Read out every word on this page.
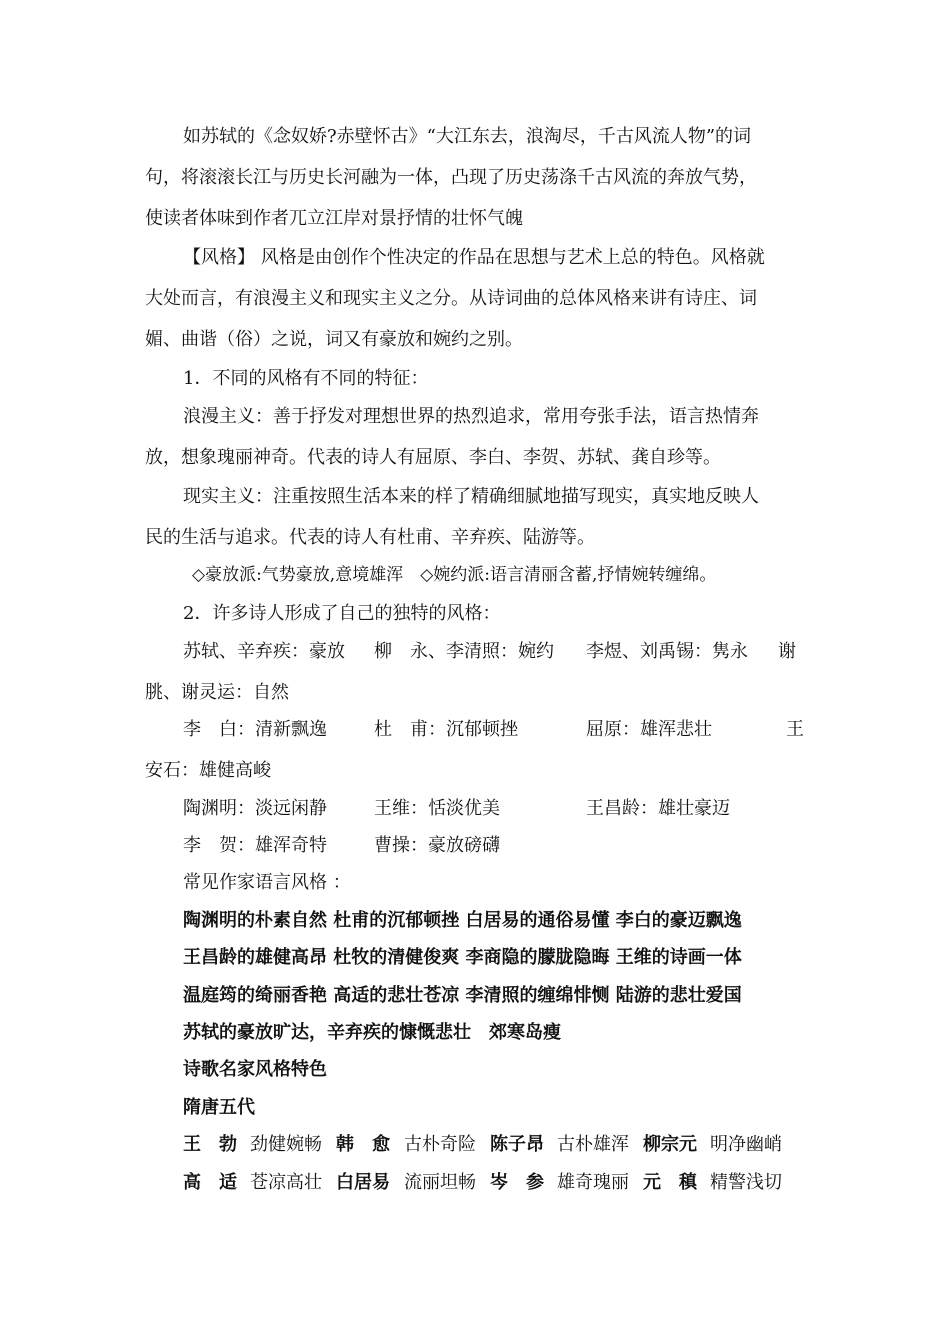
如苏轼的《念奴娇?赤壁怀古》“大江东去，浪淘尽，千古风流人物”的词
句，将滚滚长江与历史长河融为一体，凸现了历史荡涤千古风流的奔放气势，
使读者体味到作者兀立江岸对景抒情的壮怀气魄
【风格】 风格是由创作个性决定的作品在思想与艺术上总的特色。风格就
大处而言，有浪漫主义和现实主义之分。从诗词曲的总体风格来讲有诗庄、词
媚、曲谐（俗）之说，词又有豪放和婉约之别。
1．不同的风格有不同的特征：
浪漫主义：善于抒发对理想世界的热烈追求，常用夸张手法，语言热情奔
放，想象瑰丽神奇。代表的诗人有屈原、李白、李贺、苏轼、龚自珍等。
现实主义：注重按照生活本来的样了精确细腻地描写现实，真实地反映人
民的生活与追求。代表的诗人有杜甫、辛弃疾、陆游等。
◇豪放派:气势豪放,意境雄浑　◇婉约派:语言清丽含蓄,抒情婉转缠绵。
2．许多诗人形成了自己的独特的风格：
苏轼、辛弃疾：豪放 柳　永、李清照：婉约 李煜、刘禹锡：隽永 谢
朓、谢灵运：自然
李　白：清新飘逸	杜　甫：沉郁顿挫	屈原：雄浑悲壮	王
安石：雄健高峻
陶渊明：淡远闲静	王维：恬淡优美	王昌龄：雄壮豪迈
李　贺：雄浑奇特	曹操：豪放磅礴
常见作家语言风格 ：
陶渊明的朴素自然 杜甫的沉郁顿挫 白居易的通俗易懂 李白的豪迈飘逸
王昌龄的雄健高昂 杜牧的清健俊爽 李商隐的朦胧隐晦 王维的诗画一体
温庭筠的绮丽香艳 高适的悲壮苍凉 李清照的缠绵悱恻 陆游的悲壮爱国
苏轼的豪放旷达，辛弃疾的慷慨悲壮　郊寒岛瘦
诗歌名家风格特色
隋唐五代
王　勃 劲健婉畅 韩　愈 古朴奇险 陈子昂 古朴雄浑 柳宗元 明净幽峭
高　适 苍凉高壮 白居易 流丽坦畅 岑　参 雄奇瑰丽 元　稹 精警浅切
